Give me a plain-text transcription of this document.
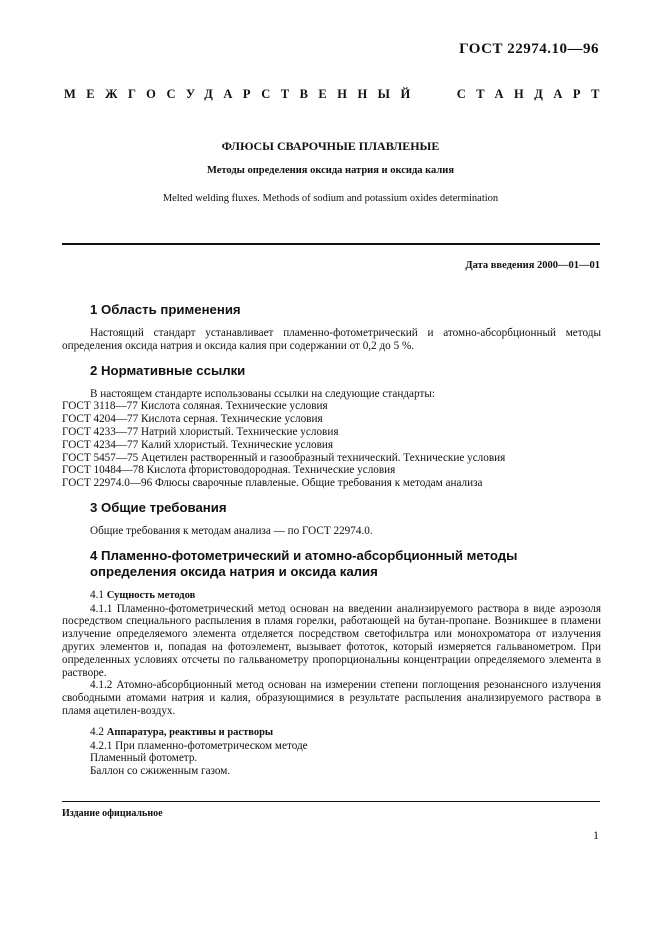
ГОСТ 22974.10—96
МЕЖГОСУДАРСТВЕННЫЙ	СТАНДАРТ
ФЛЮСЫ СВАРОЧНЫЕ ПЛАВЛЕНЫЕ
Методы определения оксида натрия и оксида калия
Melted welding fluxes. Methods of sodium and potassium oxides determination
Дата введения 2000—01—01
1 Область применения

Настоящий стандарт устанавливает пламенно-фотометрический и атомно-абсорбционный методы определения оксида натрия и оксида калия при содержании от 0,2 до 5 %.

2 Нормативные ссылки

В настоящем стандарте использованы ссылки на следующие стандарты:

ГОСТ 3118—77 Кислота соляная. Технические условия

ГОСТ 4204—77 Кислота серная. Технические условия

ГОСТ 4233—77 Натрий хлористый. Технические условия

ГОСТ 4234—77 Калий хлористый. Технические условия

ГОСТ 5457—75 Ацетилен растворенный и газообразный технический. Технические условия

ГОСТ 10484—78 Кислота фтористоводородная. Технические условия

ГОСТ 22974.0—96 Флюсы сварочные плавленые. Общие требования к методам анализа

3 Общие требования

Общие требования к методам анализа — по ГОСТ 22974.0.

4 Пламенно-фотометрический и атомно-абсорбционный методы определения оксида натрия и оксида калия

4.1 Сущность методов

4.1.1 Пламенно-фотометрический метод основан на введении анализируемого раствора в виде аэрозоля посредством специального распыления в пламя горелки, работающей на бутан-пропане. Возникшее в пламени излучение определяемого элемента отделяется посредством светофильтра или монохроматора от излучения других элементов и, попадая на фотоэлемент, вызывает фототок, который измеряется гальванометром. При определенных условиях отсчеты по гальванометру пропорциональны концентрации определяемого элемента в растворе.

4.1.2 Атомно-абсорбционный метод основан на измерении степени поглощения резонансного излучения свободными атомами натрия и калия, образующимися в результате распыления анализируемого раствора в пламя ацетилен-воздух.

4.2 Аппаратура, реактивы и растворы

4.2.1 При пламенно-фотометрическом методе

Пламенный фотометр.

Баллон со сжиженным газом.

Издание официальное
1
